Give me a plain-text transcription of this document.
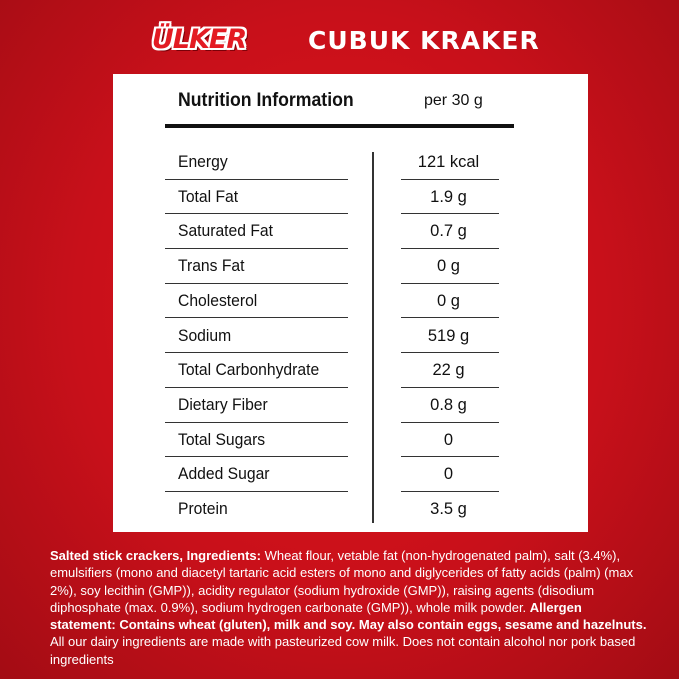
ÜLKER CUBUK KRAKER
Nutrition Information	per 30 g
Energy	121 kcal
Total Fat	1.9 g
Saturated Fat	0.7 g
Trans Fat	0 g
Cholesterol	0 g
Sodium	519 g
Total Carbonhydrate	22 g
Dietary Fiber	0.8 g
Total Sugars	0
Added Sugar	0
Protein	3.5 g
Salted stick crackers, Ingredients: Wheat flour, vetable fat (non-hydrogenated palm), salt (3.4%), emulsifiers (mono and diacetyl tartaric acid esters of mono and diglycerides of fatty acids (palm) (max 2%), soy lecithin (GMP)), acidity regulator (sodium hydroxide (GMP)), raising agents (disodium diphosphate (max. 0.9%), sodium hydrogen carbonate (GMP)), whole milk powder. Allergen statement: Contains wheat (gluten), milk and soy. May also contain eggs, sesame and hazelnuts. All our dairy ingredients are made with pasteurized cow milk. Does not contain alcohol nor pork based ingredients
